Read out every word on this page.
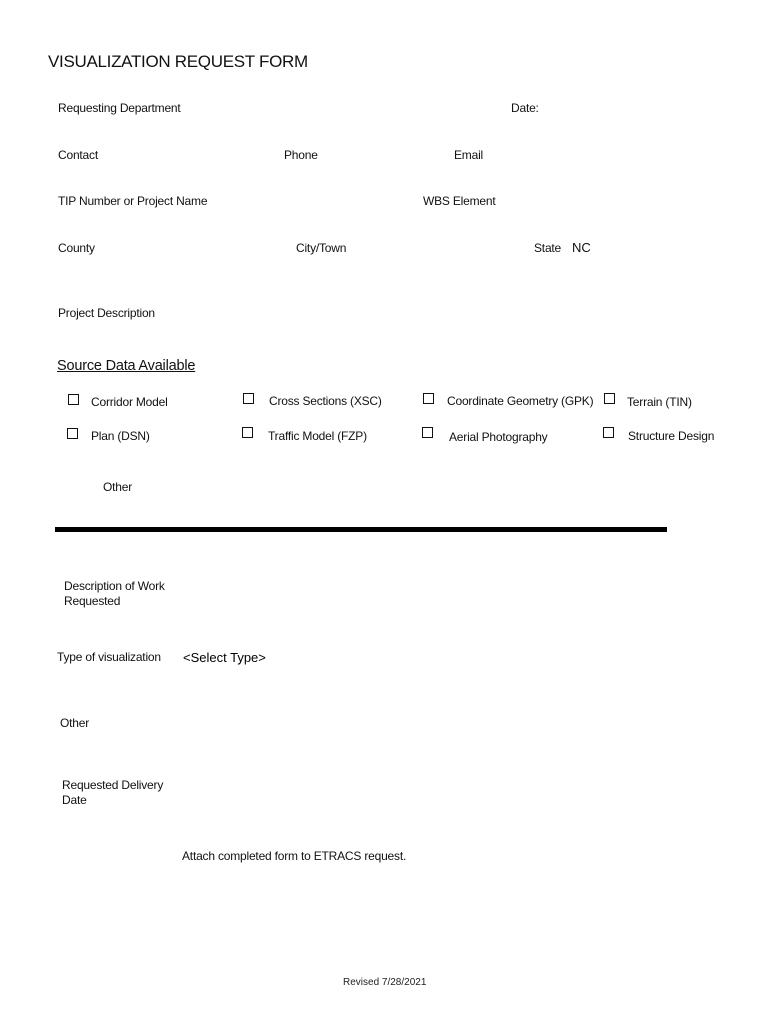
VISUALIZATION REQUEST FORM
Requesting Department	Date:
Contact	Phone	Email
TIP Number or Project Name	WBS Element
County	City/Town	State NC
Project Description
Source Data Available
Corridor Model	Cross Sections (XSC)	Coordinate Geometry (GPK)	Terrain (TIN)
Plan (DSN)	Traffic Model (FZP)	Aerial Photography	Structure Design
Other
Description of Work Requested
Type of visualization <Select Type>
Other
Requested Delivery Date
Attach completed form to ETRACS request.
Revised 7/28/2021
